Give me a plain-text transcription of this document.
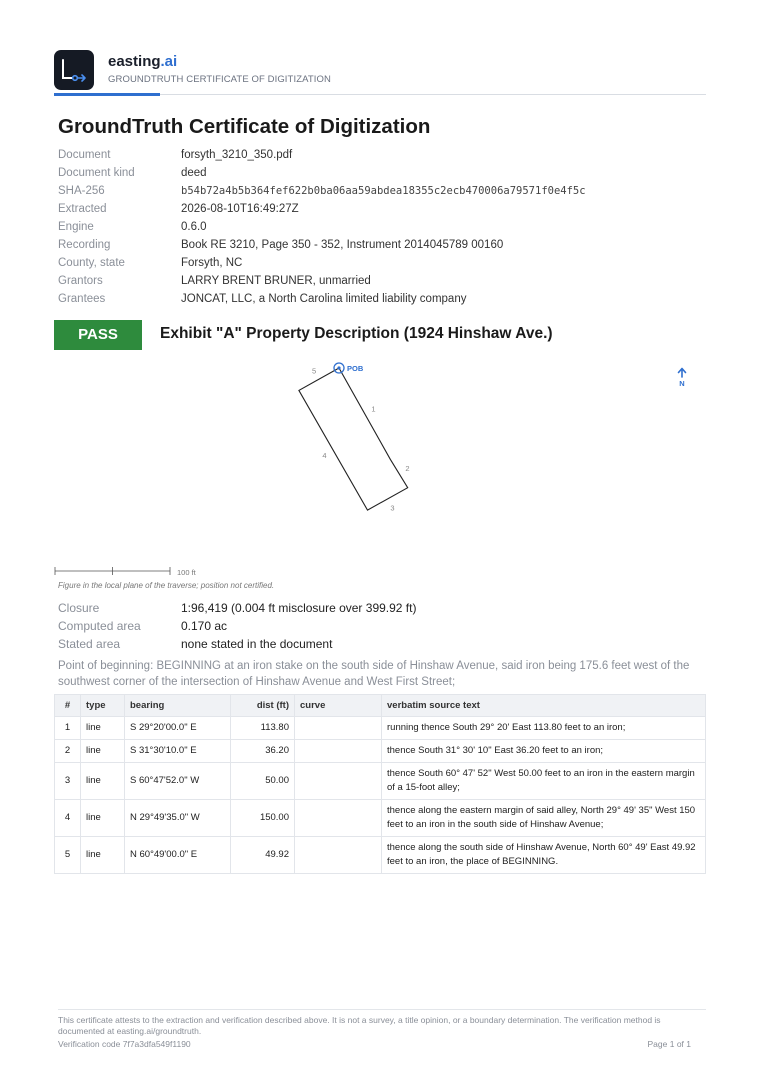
easting.ai
GROUNDTRUTH CERTIFICATE OF DIGITIZATION
GroundTruth Certificate of Digitization
Document	forsyth_3210_350.pdf
Document kind	deed
SHA-256	b54b72a4b5b364fef622b0ba06aa59abdea18355c2ecb470006a79571f0e4f5c
Extracted	2026-08-10T16:49:27Z
Engine	0.6.0
Recording	Book RE 3210, Page 350 - 352, Instrument 2014045789 00160
County, state	Forsyth, NC
Grantors	LARRY BRENT BRUNER, unmarried
Grantees	JONCAT, LLC, a North Carolina limited liability company
PASS	Exhibit "A" Property Description (1924 Hinshaw Ave.)
1
2
3
4
5	POB
N
100 ft
Figure in the local plane of the traverse; position not certified.
Closure	1:96,419 (0.004 ft misclosure over 399.92 ft)
Computed area	0.170 ac
Stated area	none stated in the document
Point of beginning: BEGINNING at an iron stake on the south side of Hinshaw Avenue, said iron being 175.6 feet west of the southwest corner of the intersection of Hinshaw Avenue and West First Street;
#	type	bearing	dist (ft)	curve	verbatim source text
1	line	S 29°20'00.0" E	113.80		running thence South 29° 20' East 113.80 feet to an iron;
2	line	S 31°30'10.0" E	36.20		thence South 31° 30' 10" East 36.20 feet to an iron;
3	line	S 60°47'52.0" W	50.00		thence South 60° 47' 52" West 50.00 feet to an iron in the eastern margin of a 15-foot alley;
4	line	N 29°49'35.0" W	150.00		thence along the eastern margin of said alley, North 29° 49' 35" West 150 feet to an iron in the south side of Hinshaw Avenue;
5	line	N 60°49'00.0" E	49.92		thence along the south side of Hinshaw Avenue, North 60° 49' East 49.92 feet to an iron, the place of BEGINNING.
This certificate attests to the extraction and verification described above. It is not a survey, a title opinion, or a boundary determination. The verification method is documented at easting.ai/groundtruth.
Verification code 7f7a3dfa549f1190	Page 1 of 1
